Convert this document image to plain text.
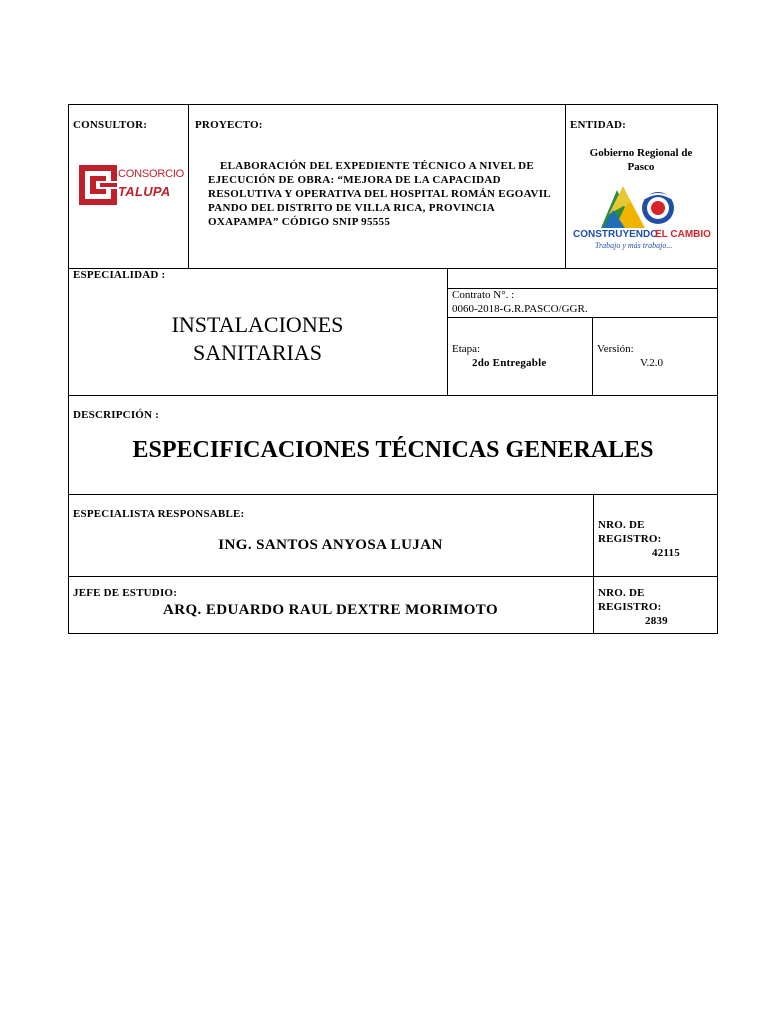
CONSULTOR:
CONSORCIO
TALUPA
PROYECTO:
ELABORACIÓN DEL EXPEDIENTE TÉCNICO A NIVEL DE EJECUCIÓN DE OBRA: “MEJORA DE LA CAPACIDAD RESOLUTIVA Y OPERATIVA DEL HOSPITAL ROMÁN EGOAVIL PANDO DEL DISTRITO DE VILLA RICA, PROVINCIA OXAPAMPA” CÓDIGO SNIP 95555
ENTIDAD:
Gobierno Regional de
Pasco
CONSTRUYENDO
EL CAMBIO
Trabajo y más trabajo...
ESPECIALIDAD :
INSTALACIONES
SANITARIAS
Contrato N°. :
0060-2018-G.R.PASCO/GGR.
Etapa:
2do Entregable
Versión:
V.2.0
DESCRIPCIÓN :
ESPECIFICACIONES TÉCNICAS GENERALES
ESPECIALISTA RESPONSABLE:
ING. SANTOS ANYOSA LUJAN
NRO. DE
REGISTRO:
42115
JEFE DE ESTUDIO:
ARQ. EDUARDO RAUL DEXTRE MORIMOTO
NRO. DE
REGISTRO:
2839
